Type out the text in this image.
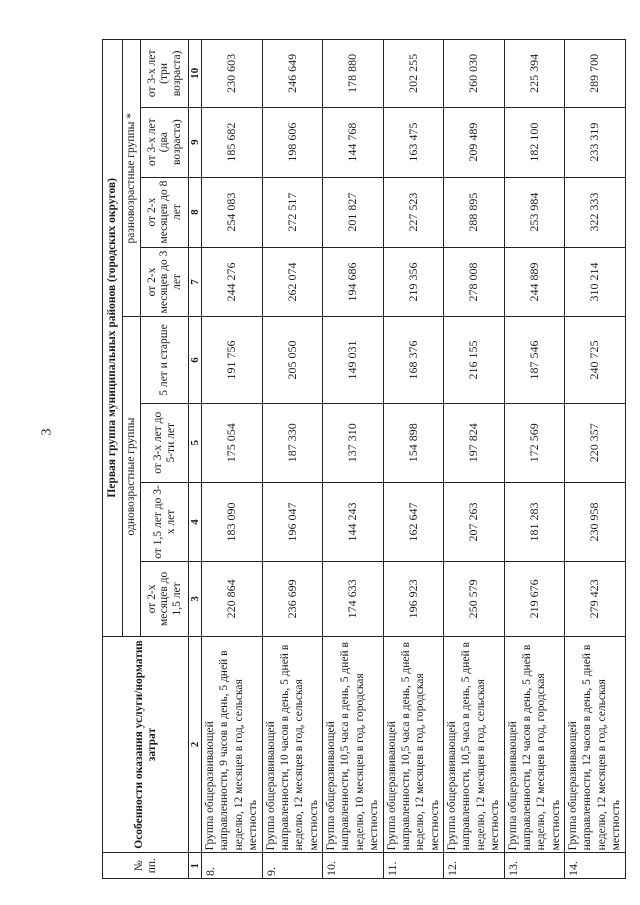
3
№ пп.	Особенности оказания услуги/норматив затрат	Первая группа муниципальных районов (городских округов)							
		одновозрастные группы				разновозрастные группы *			
		от 2-х месяцев до 1,5 лет	от 1,5 лет до 3-х лет	от 3-х лет до 5-ти лет	5 лет и старше	от 2-х месяцев до 3 лет	от 2-х месяцев до 8 лет	от 3-х лет (два возраста)	от 3-х лет (три возраста)
1	2	3	4	5	6	7	8	9	10
8.	Группа общеразвивающей направленности, 9 часов в день, 5 дней в неделю, 12 месяцев в год, сельская местность	220 864	183 090	175 054	191 756	244 276	254 083	185 682	230 603
9.	Группа общеразвивающей направленности, 10 часов в день, 5 дней в неделю, 12 месяцев в год, сельская местность	236 699	196 047	187 330	205 050	262 074	272 517	198 606	246 649
10.	Группа общеразвивающей направленности, 10,5 часа в день, 5 дней в неделю, 10 месяцев в год, городская местность	174 633	144 243	137 310	149 031	194 686	201 827	144 768	178 880
11.	Группа общеразвивающей направленности, 10,5 часа в день, 5 дней в неделю, 12 месяцев в год, городская местность	196 923	162 647	154 898	168 376	219 356	227 523	163 475	202 255
12.	Группа общеразвивающей направленности, 10,5 часа в день, 5 дней в неделю, 12 месяцев в год, сельская местность	250 579	207 263	197 824	216 155	278 008	288 895	209 489	260 030
13.	Группа общеразвивающей направленности, 12 часов в день, 5 дней в неделю, 12 месяцев в год, городская местность	219 676	181 283	172 569	187 546	244 889	253 984	182 100	225 394
14.	Группа общеразвивающей направленности, 12 часов в день, 5 дней в неделю, 12 месяцев в год, сельская местность	279 423	230 958	220 357	240 725	310 214	322 333	233 319	289 700
